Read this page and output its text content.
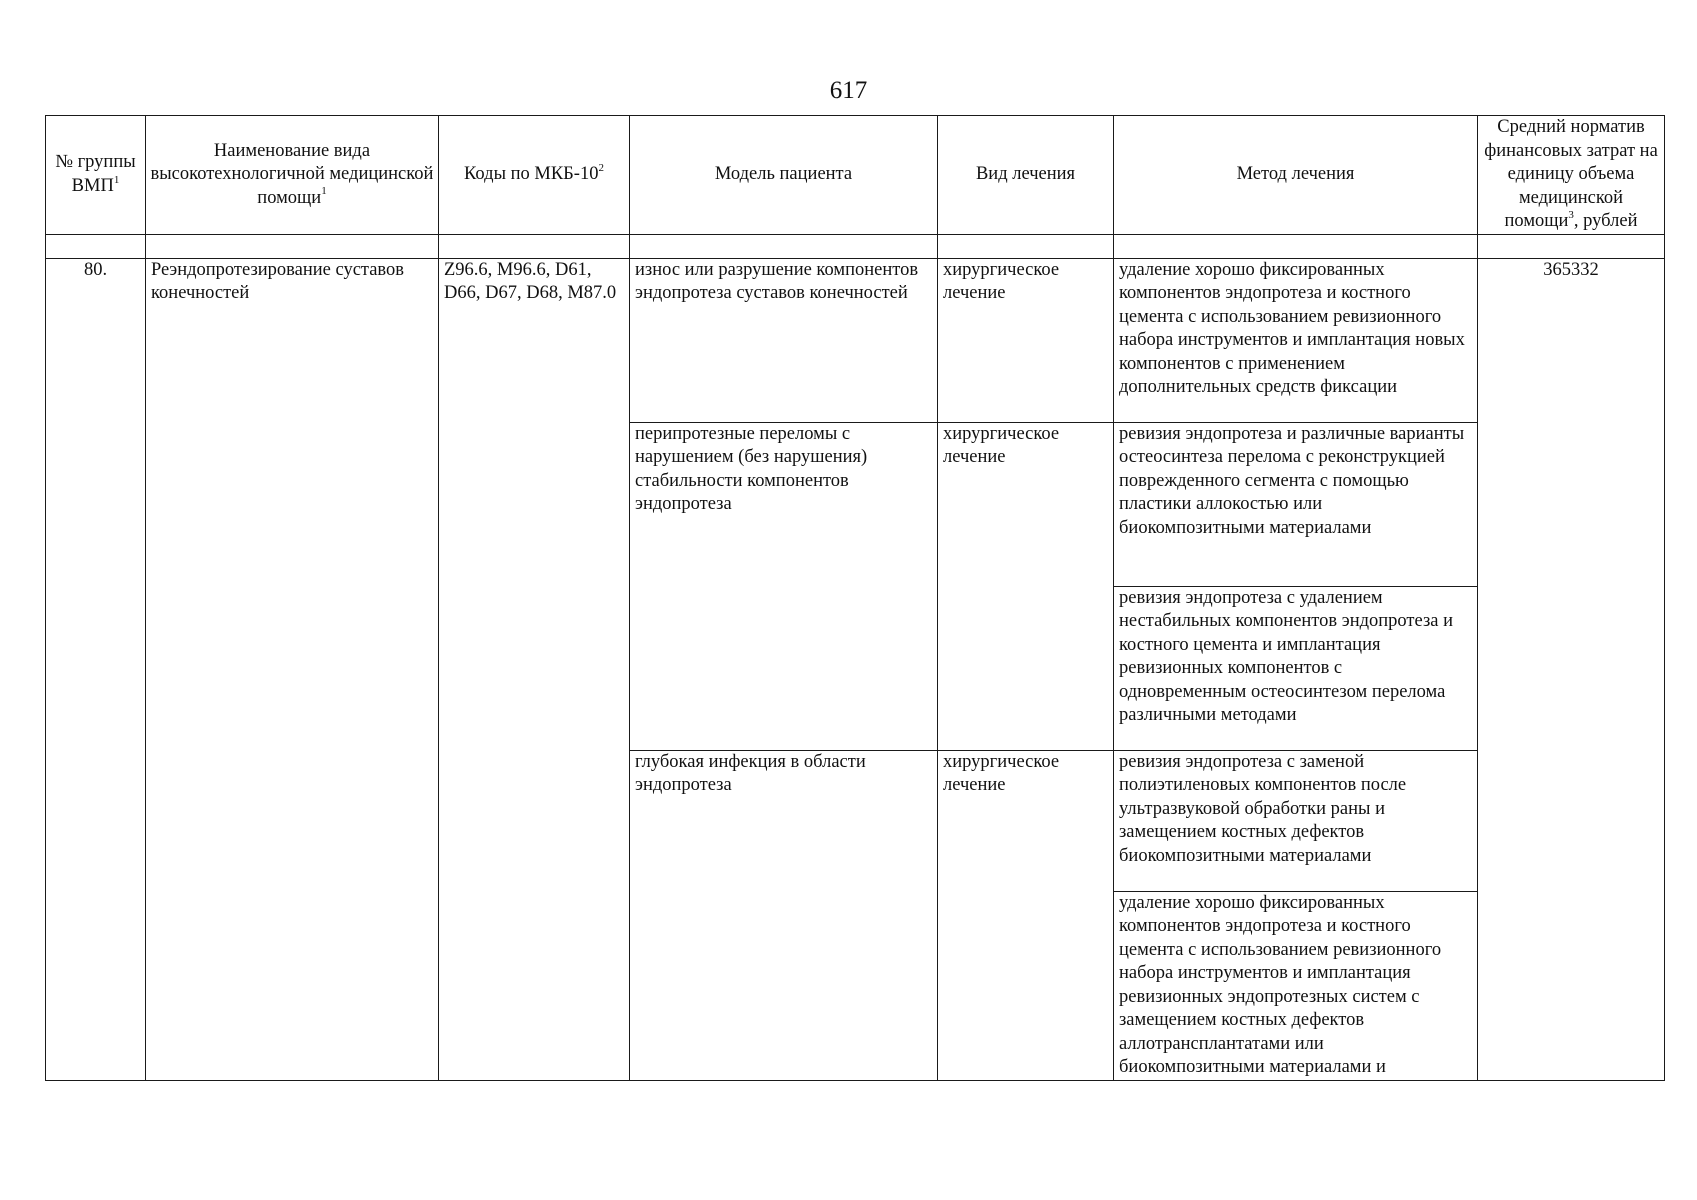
617
№ группы ВМП$^1$	Наименование вида высокотехнологичной медицинской помощи$^1$	Коды по МКБ-$10^2$	Модель пациента	Вид лечения	Метод лечения	Средний норматив финансовых затрат на единицу объема медицинской помощи$^3$, рублей

80.	Реэндопротезирование суставов конечностей	Z96.6, M96.6, D61, D66, D67, D68, M87.0	износ или разрушение компонентов эндопротеза суставов конечностей	хирургическое лечение	удаление хорошо фиксированных компонентов эндопротеза и костного цемента с использованием ревизионного набора инструментов и имплантация новых компонентов с применением дополнительных средств фиксации	365332
			перипротезные переломы с нарушением (без нарушения) стабильности компонентов эндопротеза	хирургическое лечение	ревизия эндопротеза и различные варианты остеосинтеза перелома с реконструкцией поврежденного сегмента с помощью пластики аллокостью или биокомпозитными материалами	
					ревизия эндопротеза с удалением нестабильных компонентов эндопротеза и костного цемента и имплантация ревизионных компонентов с одновременным остеосинтезом перелома различными методами	
			глубокая инфекция в области эндопротеза	хирургическое лечение	ревизия эндопротеза с заменой полиэтиленовых компонентов после ультразвуковой обработки раны и замещением костных дефектов биокомпозитными материалами	
					удаление хорошо фиксированных компонентов эндопротеза и костного цемента с использованием ревизионного набора инструментов и имплантация ревизионных эндопротезных систем с замещением костных дефектов аллотрансплантатами или биокомпозитными материалами и	
